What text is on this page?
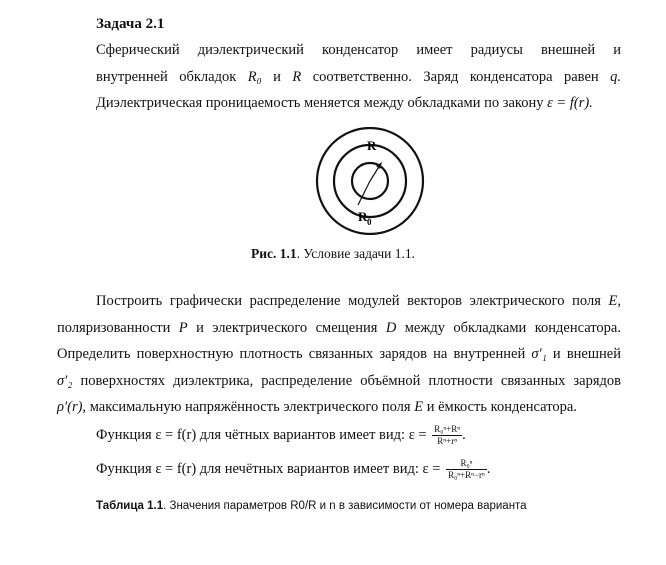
Задача 2.1
Сферический диэлектрический конденсатор имеет радиусы внешней и
внутренней обкладок R₀ и R соответственно. Заряд конденсатора равен q.
Диэлектрическая проницаемость меняется между обкладками по закону ε = f(r).
R
R 0
Рис. 1.1. Условие задачи 1.1.
Построить графически распределение модулей векторов электрического поля E,
поляризованности P и электрического смещения D между обкладками конденсатора.
Определить поверхностную плотность связанных зарядов на внутренней σ′₁ и внешней
σ′₂ поверхностях диэлектрика, распределение объёмной плотности связанных зарядов
ρ′(r), максимальную напряжённость электрического поля E и ёмкость конденсатора.
Функция ε = f(r) для чётных вариантов имеет вид: $\varepsilon = \frac{\text{R₀ⁿ+Rⁿ}}{\text{Rⁿ+rⁿ}}$ .
Функция ε = f(r) для нечётных вариантов имеет вид: $\varepsilon = \frac{\text{R₀ⁿ}}{\text{R₀ⁿ+Rⁿ−rⁿ}}$ .
Таблица 1.1. Значения параметров R0/R и n в зависимости от номера варианта
